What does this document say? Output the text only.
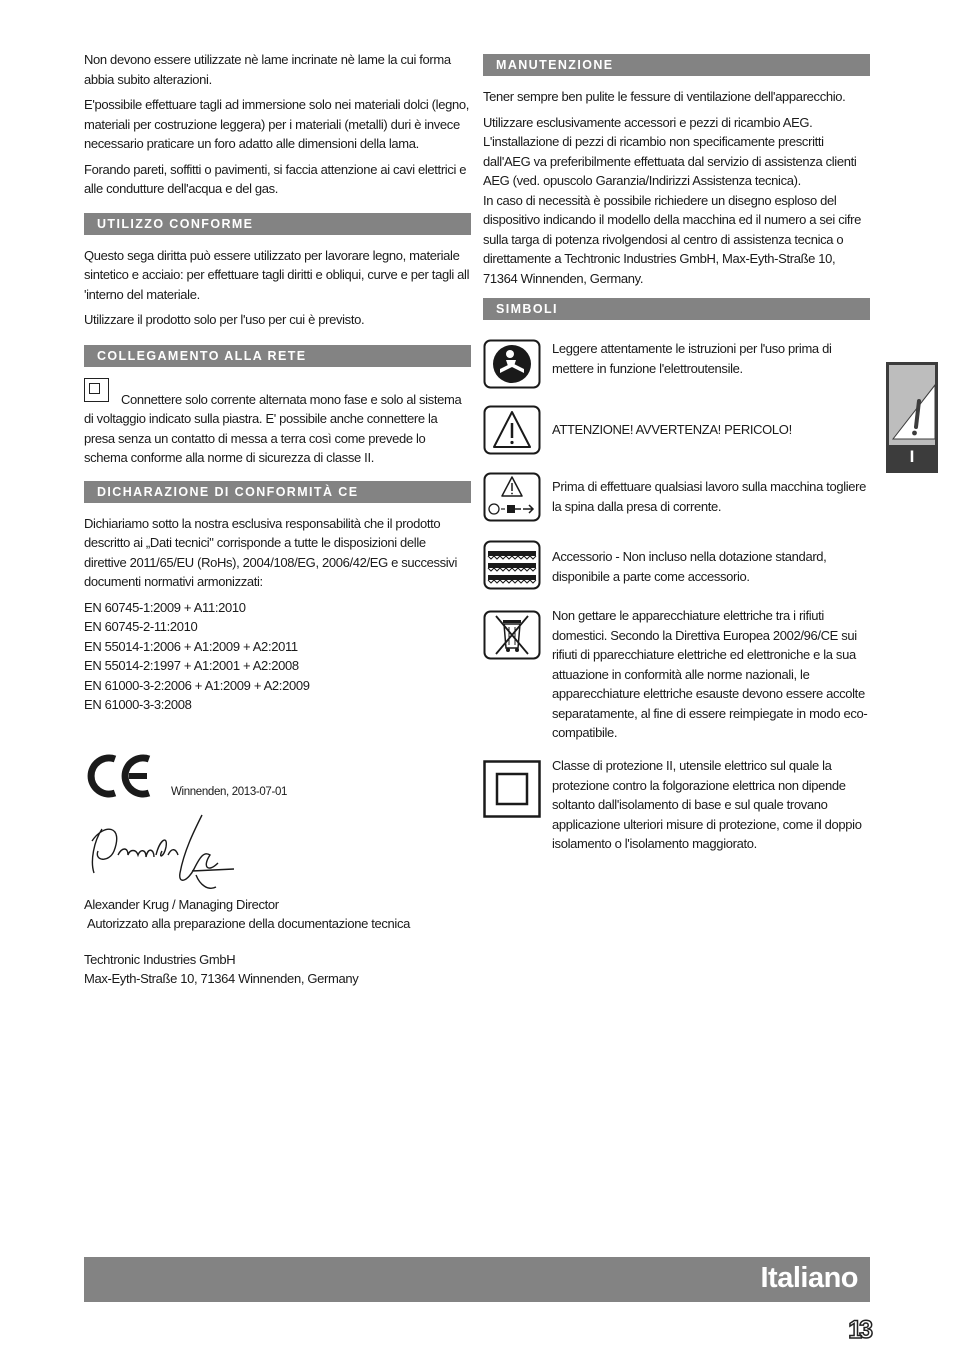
Non devono essere utilizzate nè lame incrinate nè lame la cui forma abbia subito alterazioni.

E'possibile effettuare tagli ad immersione solo nei materiali dolci (legno, materiali per costruzione leggera) per i materiali (metalli) duri è invece necessario praticare un foro adatto alle dimensioni della lama.

Forando pareti, soffitti o pavimenti, si faccia attenzione ai cavi elettrici e alle condutture dell'acqua e del gas.

UTILIZZO CONFORME

Questo sega diritta può essere utilizzato per lavorare legno, materiale sintetico e acciaio: per effettuare tagli diritti e obliqui, curve e per tagli all 'interno del materiale.

Utilizzare il prodotto solo per l'uso per cui è previsto.

COLLEGAMENTO ALLA RETE

Connettere solo corrente alternata mono fase e solo al sistema di voltaggio indicato sulla piastra. E' possibile anche connettere la presa senza un contatto di messa a terra così come prevede lo schema conforme alla norme di sicurezza di classe II.

DICHARAZIONE DI CONFORMITÀ CE

Dichiariamo sotto la nostra esclusiva responsabilità che il prodotto descritto ai „Dati tecnici" corrisponde a tutte le disposizioni delle direttive 2011/65/EU (RoHs), 2004/108/EG, 2006/42/EG e successivi documenti normativi armonizzati:

EN 60745-1:2009 + A11:2010
EN 60745-2-11:2010
EN 55014-1:2006 + A1:2009 + A2:2011
EN 55014-2:1997 + A1:2001 + A2:2008
EN 61000-3-2:2006 + A1:2009 + A2:2009
EN 61000-3-3:2008
Winnenden, 2013-07-01
Alexander Krug / Managing Director
Autorizzato alla preparazione della documentazione tecnica
Techtronic Industries GmbH
Max-Eyth-Straße 10, 71364 Winnenden, Germany
MANUTENZIONE

Tener sempre ben pulite le fessure di ventilazione dell'apparecchio.

Utilizzare esclusivamente accessori e pezzi di ricambio AEG. L'installazione di pezzi di ricambio non specificamente prescritti dall'AEG va preferibilmente effettuata dal servizio di assistenza clienti AEG (ved. opuscolo Garanzia/Indirizzi Assistenza tecnica).

In caso di necessità è possibile richiedere un disegno esploso del dispositivo indicando il modello della macchina ed il numero a sei cifre sulla targa di potenza rivolgendosi al centro di assistenza tecnica o direttamente a Techtronic Industries GmbH, Max-Eyth-Straße 10, 71364 Winnenden, Germany.

SIMBOLI
Leggere attentamente le istruzioni per l'uso prima di mettere in funzione l'elettroutensile.
ATTENZIONE! AVVERTENZA! PERICOLO!
Prima di effettuare qualsiasi lavoro sulla macchina togliere la spina dalla presa di corrente.
Accessorio - Non incluso nella dotazione standard, disponibile a parte come accessorio.
Non gettare le apparecchiature elettriche tra i rifiuti domestici. Secondo la Direttiva Europea 2002/96/CE sui rifiuti di pparecchiature elettriche ed elettroniche e la sua attuazione in conformità alle norme nazionali, le apparecchiature elettriche esauste devono essere accolte separatamente, al fine di essere reimpiegate in modo eco-compatibile.
Classe di protezione II, utensile elettrico sul quale la protezione contro la folgorazione elettrica non dipende soltanto dall'isolamento di base e sul quale trovano applicazione ulteriori misure di protezione, come il doppio isolamento o l'isolamento maggiorato.
I
Italiano
13
